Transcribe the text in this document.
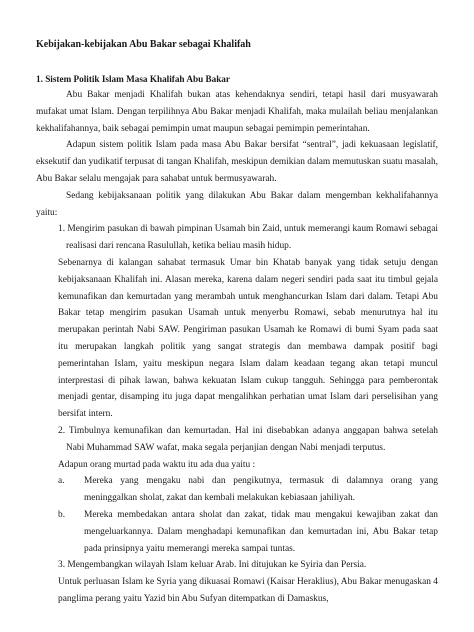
Kebijakan-kebijakan Abu Bakar sebagai Khalifah

1. Sistem Politik Islam Masa Khalifah Abu Bakar

Abu Bakar menjadi Khalifah bukan atas kehendaknya sendiri, tetapi hasil dari musyawarah mufakat umat Islam. Dengan terpilihnya Abu Bakar menjadi Khalifah, maka mulailah beliau menjalankan kekhalifahannya, baik sebagai pemimpin umat maupun sebagai pemimpin pemerintahan.

Adapun sistem politik Islam pada masa Abu Bakar bersifat “sentral”, jadi kekuasaan legislatif, eksekutif dan yudikatif terpusat di tangan Khalifah, meskipun demikian dalam memutuskan suatu masalah, Abu Bakar selalu mengajak para sahabat untuk bermusyawarah.

Sedang kebijaksanaan politik yang dilakukan Abu Bakar dalam mengemban kekhalifahannya yaitu:

1. Mengirim pasukan di bawah pimpinan Usamah bin Zaid, untuk memerangi kaum Romawi sebagai realisasi dari rencana Rasulullah, ketika beliau masih hidup.

Sebenarnya di kalangan sahabat termasuk Umar bin Khatab banyak yang tidak setuju dengan kebijaksanaan Khalifah ini. Alasan mereka, karena dalam negeri sendiri pada saat itu timbul gejala kemunafikan dan kemurtadan yang merambah untuk menghancurkan Islam dari dalam. Tetapi Abu Bakar tetap mengirim pasukan Usamah untuk menyerbu Romawi, sebab menurutnya hal itu merupakan perintah Nabi SAW. Pengiriman pasukan Usamah ke Romawi di bumi Syam pada saat itu merupakan langkah politik yang sangat strategis dan membawa dampak positif bagi pemerintahan Islam, yaitu meskipun negara Islam dalam keadaan tegang akan tetapi muncul interprestasi di pihak lawan, bahwa kekuatan Islam cukup tangguh. Sehingga para pemberontak menjadi gentar, disamping itu juga dapat mengalihkan perhatian umat Islam dari perselisihan yang bersifat intern.

2. Timbulnya kemunafikan dan kemurtadan. Hal ini disebabkan adanya anggapan bahwa setelah Nabi Muhammad SAW wafat, maka segala perjanjian dengan Nabi menjadi terputus.

Adapun orang murtad pada waktu itu ada dua yaitu :

a. Mereka yang mengaku nabi dan pengikutnya, termasuk di dalamnya orang yang meninggalkan sholat, zakat dan kembali melakukan kebiasaan jahiliyah.

b. Mereka membedakan antara sholat dan zakat, tidak mau mengakui kewajiban zakat dan mengeluarkannya. Dalam menghadapi kemunafikan dan kemurtadan ini, Abu Bakar tetap pada prinsipnya yaitu memerangi mereka sampai tuntas.

3. Mengembangkan wilayah Islam keluar Arab. Ini ditujukan ke Syiria dan Persia.

Untuk perluasan Islam ke Syria yang dikuasai Romawi (Kaisar Heraklius), Abu Bakar menugaskan 4 panglima perang yaitu Yazid bin Abu Sufyan ditempatkan di Damaskus,
